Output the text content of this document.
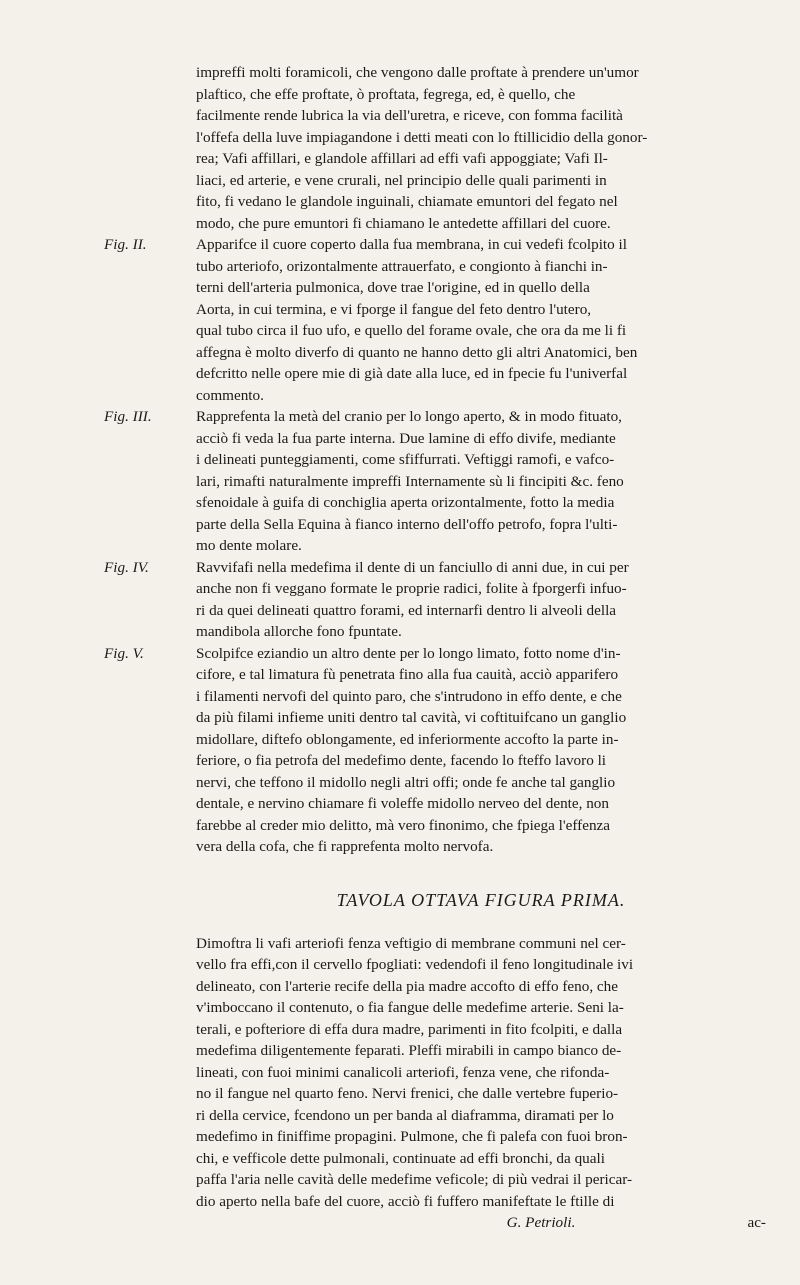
impreffi molti foramicoli, che vengono dalle proftate à prendere un'umor

plaftico, che effe proftate, ò proftata, fegrega, ed, è quello, che

facilmente rende lubrica la via dell'uretra, e riceve, con fomma facilità

l'offefa della luve impiagandone i detti meati con lo ftillicidio della gonor-

rea; Vafi affillari, e glandole affillari ad effi vafi appoggiate; Vafi Il-

liaci, ed arterie, e vene crurali, nel principio delle quali parimenti in

fito, fi vedano le glandole inguinali, chiamate emuntori del fegato nel

modo, che pure emuntori fi chiamano le antedette affillari del cuore.

Fig. II.	Apparifce il cuore coperto dalla fua membrana, in cui vedefi fcolpito il

tubo arteriofo, orizontalmente attrauerfato, e congionto à fianchi in-

terni dell'arteria pulmonica, dove trae l'origine, ed in quello della

Aorta, in cui termina, e vi fporge il fangue del feto dentro l'utero,

qual tubo circa il fuo ufo, e quello del forame ovale, che ora da me li fi

affegna è molto diverfo di quanto ne hanno detto gli altri Anatomici, ben

defcritto nelle opere mie di già date alla luce, ed in fpecie fu l'univerfal

commento.

Fig. III.	Rapprefenta la metà del cranio per lo longo aperto, & in modo fituato,

acciò fi veda la fua parte interna. Due lamine di effo divife, mediante

i delineati punteggiamenti, come sfiffurrati. Veftiggi ramofi, e vafco-

lari, rimafti naturalmente impreffi Internamente sù li fincipiti &c. feno

sfenoidale à guifa di conchiglia aperta orizontalmente, fotto la media

parte della Sella Equina à fianco interno dell'offo petrofo, fopra l'ulti-

mo dente molare.

Fig. IV.	Ravvifafi nella medefima il dente di un fanciullo di anni due, in cui per

anche non fi veggano formate le proprie radici, folite à fporgerfi infuo-

ri da quei delineati quattro forami, ed internarfi dentro li alveoli della

mandibola allorche fono fpuntate.

Fig. V.	Scolpifce eziandio un altro dente per lo longo limato, fotto nome d'in-

cifore, e tal limatura fù penetrata fino alla fua cauità, acciò apparifero

i filamenti nervofi del quinto paro, che s'intrudono in effo dente, e che

da più filami infieme uniti dentro tal cavità, vi coftituifcano un ganglio

midollare, diftefo oblongamente, ed inferiormente accofto la parte in-

feriore, o fia petrofa del medefimo dente, facendo lo fteffo lavoro li

nervi, che teffono il midollo negli altri offi; onde fe anche tal ganglio

dentale, e nervino chiamare fi voleffe midollo nerveo del dente, non

farebbe al creder mio delitto, mà vero finonimo, che fpiega l'effenza

vera della cofa, che fi rapprefenta molto nervofa.

TAVOLA OTTAVA FIGURA PRIMA.

Dimoftra li vafi arteriofi fenza veftigio di membrane communi nel cer-

vello fra effi,con il cervello fpogliati: vedendofi il feno longitudinale ivi

delineato, con l'arterie recife della pia madre accofto di effo feno, che

v'imboccano il contenuto, o fia fangue delle medefime arterie. Seni la-

terali, e pofteriore di effa dura madre, parimenti in fito fcolpiti, e dalla

medefima diligentemente feparati. Pleffi mirabili in campo bianco de-

lineati, con fuoi minimi canalicoli arteriofi, fenza vene, che rifonda-

no il fangue nel quarto feno. Nervi frenici, che dalle vertebre fuperio-

ri della cervice, fcendono un per banda al diaframma, diramati per lo

medefimo in finiffime propagini. Pulmone, che fi palefa con fuoi bron-

chi, e vefficole dette pulmonali, continuate ad effi bronchi, da quali

paffa l'aria nelle cavità delle medefime veficole; di più vedrai il pericar-

dio aperto nella bafe del cuore, acciò fi fuffero manifeftate le ftille di

G. Petrioli.	ac-
